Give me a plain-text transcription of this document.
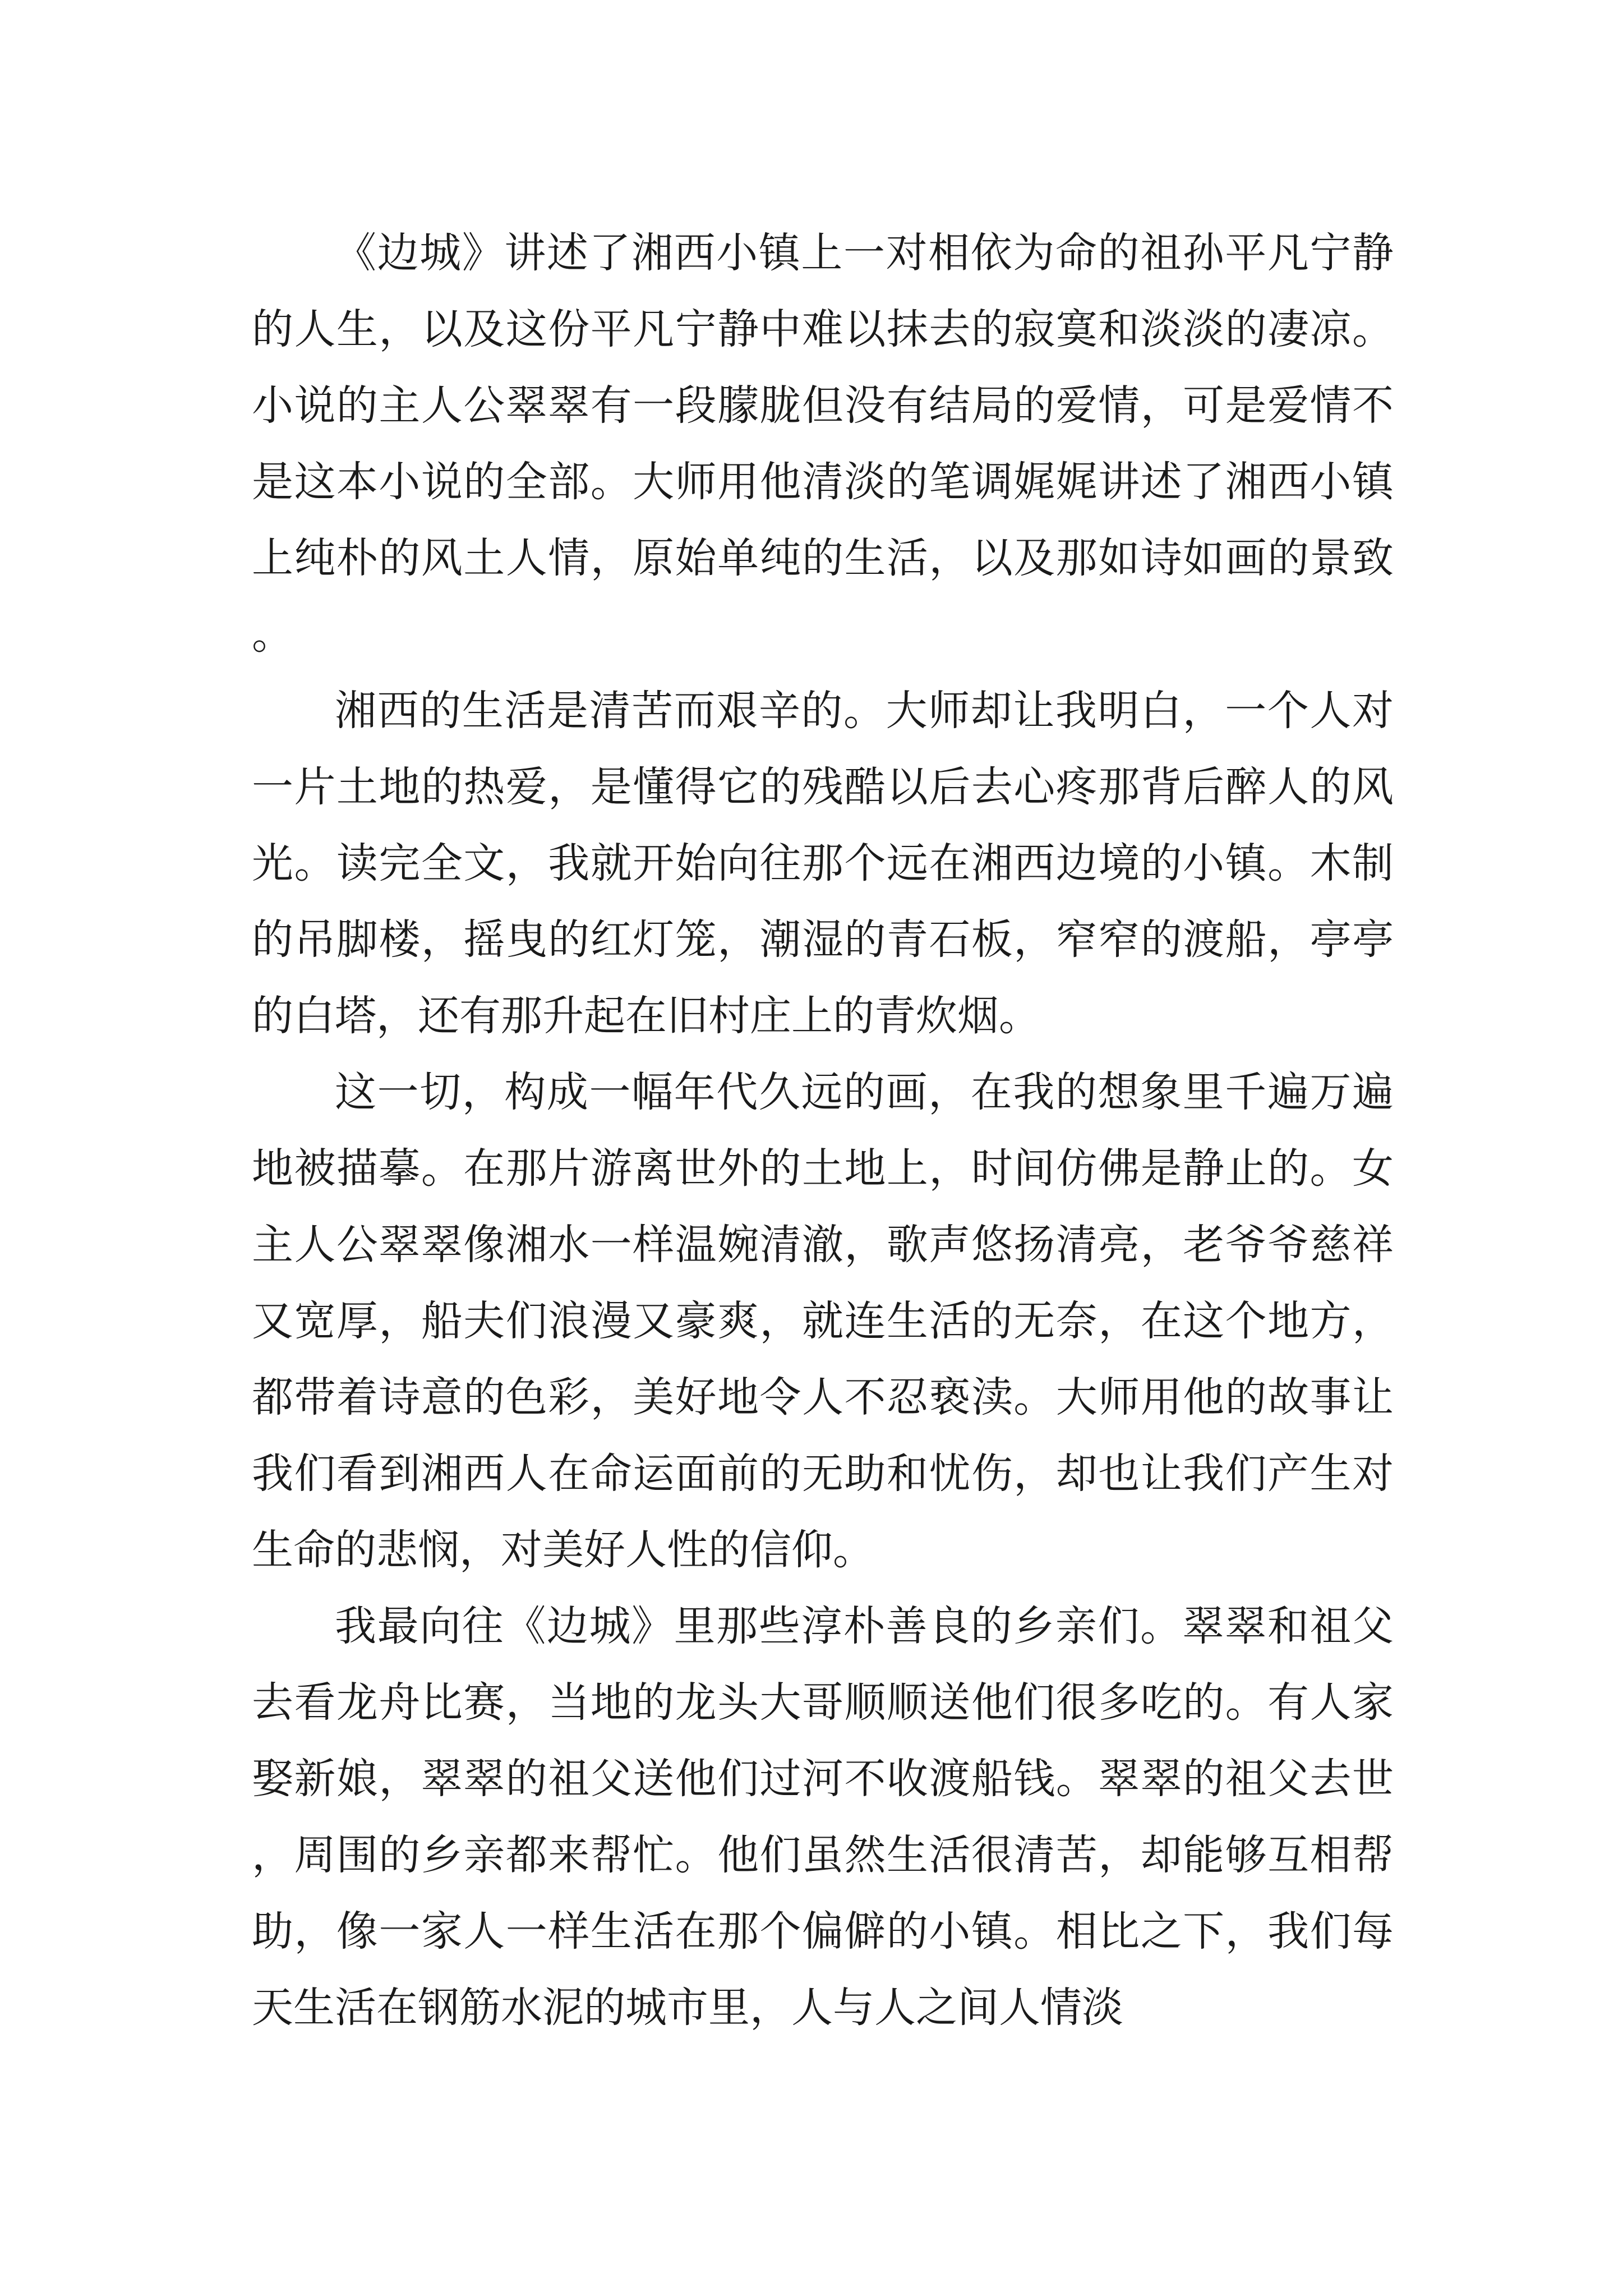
《边城》讲述了湘西小镇上一对相依为命的祖孙平凡宁静的人生，以及这份平凡宁静中难以抹去的寂寞和淡淡的凄凉。小说的主人公翠翠有一段朦胧但没有结局的爱情，可是爱情不是这本小说的全部。大师用他清淡的笔调娓娓讲述了湘西小镇上纯朴的风土人情，原始单纯的生活，以及那如诗如画的景致。

湘西的生活是清苦而艰辛的。大师却让我明白，一个人对一片土地的热爱，是懂得它的残酷以后去心疼那背后醉人的风光。读完全文，我就开始向往那个远在湘西边境的小镇。木制的吊脚楼，摇曳的红灯笼，潮湿的青石板，窄窄的渡船，亭亭的白塔，还有那升起在旧村庄上的青炊烟。

这一切，构成一幅年代久远的画，在我的想象里千遍万遍地被描摹。在那片游离世外的土地上，时间仿佛是静止的。女主人公翠翠像湘水一样温婉清澈，歌声悠扬清亮，老爷爷慈祥又宽厚，船夫们浪漫又豪爽，就连生活的无奈，在这个地方，都带着诗意的色彩，美好地令人不忍亵渎。大师用他的故事让我们看到湘西人在命运面前的无助和忧伤，却也让我们产生对生命的悲悯，对美好人性的信仰。

我最向往《边城》里那些淳朴善良的乡亲们。翠翠和祖父去看龙舟比赛，当地的龙头大哥顺顺送他们很多吃的。有人家娶新娘，翠翠的祖父送他们过河不收渡船钱。翠翠的祖父去世，周围的乡亲都来帮忙。他们虽然生活很清苦，却能够互相帮助，像一家人一样生活在那个偏僻的小镇。相比之下，我们每天生活在钢筋水泥的城市里，人与人之间人情淡
